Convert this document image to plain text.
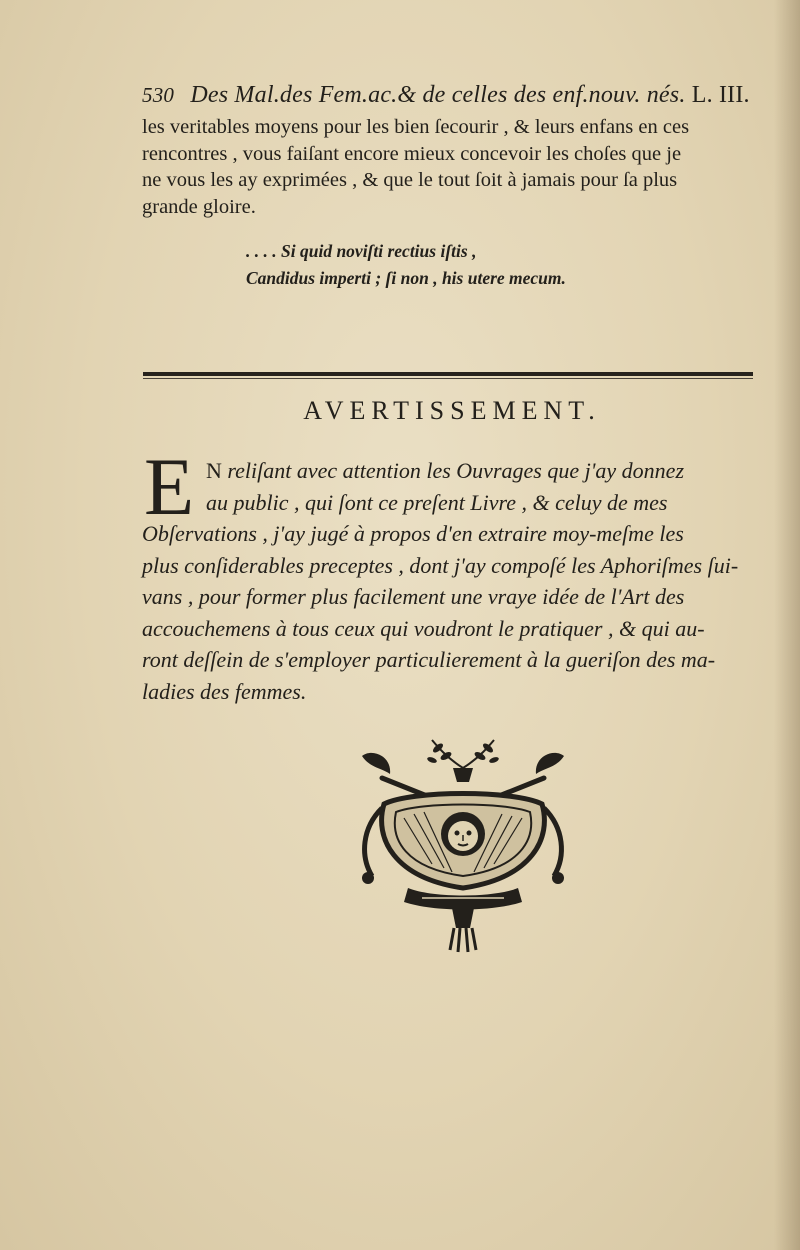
530 Des Mal.des Fem.ac.& de celles des enf.nouv. nés. L. III.
les veritables moyens pour les bien ſecourir , & leurs enfans en ces
rencontres , vous faiſant encore mieux concevoir les choſes que je
ne vous les ay exprimées , & que le tout ſoit à jamais pour ſa plus
grande gloire.
. . . . Si quid noviſti rectius iſtis ,
Candidus imperti ; ſi non , his utere mecum.
AVERTISSEMENT.
E N reliſant avec attention les Ouvrages que j'ay donnez
au public , qui ſont ce preſent Livre , & celuy de mes
Obſervations , j'ay jugé à propos d'en extraire moy-meſme les
plus conſiderables preceptes , dont j'ay compoſé les Aphoriſmes ſui-
vans , pour former plus facilement une vraye idée de l'Art des
accouchemens à tous ceux qui voudront le pratiquer , & qui au-
ront deſſein de s'employer particulierement à la gueriſon des ma-
ladies des femmes.
